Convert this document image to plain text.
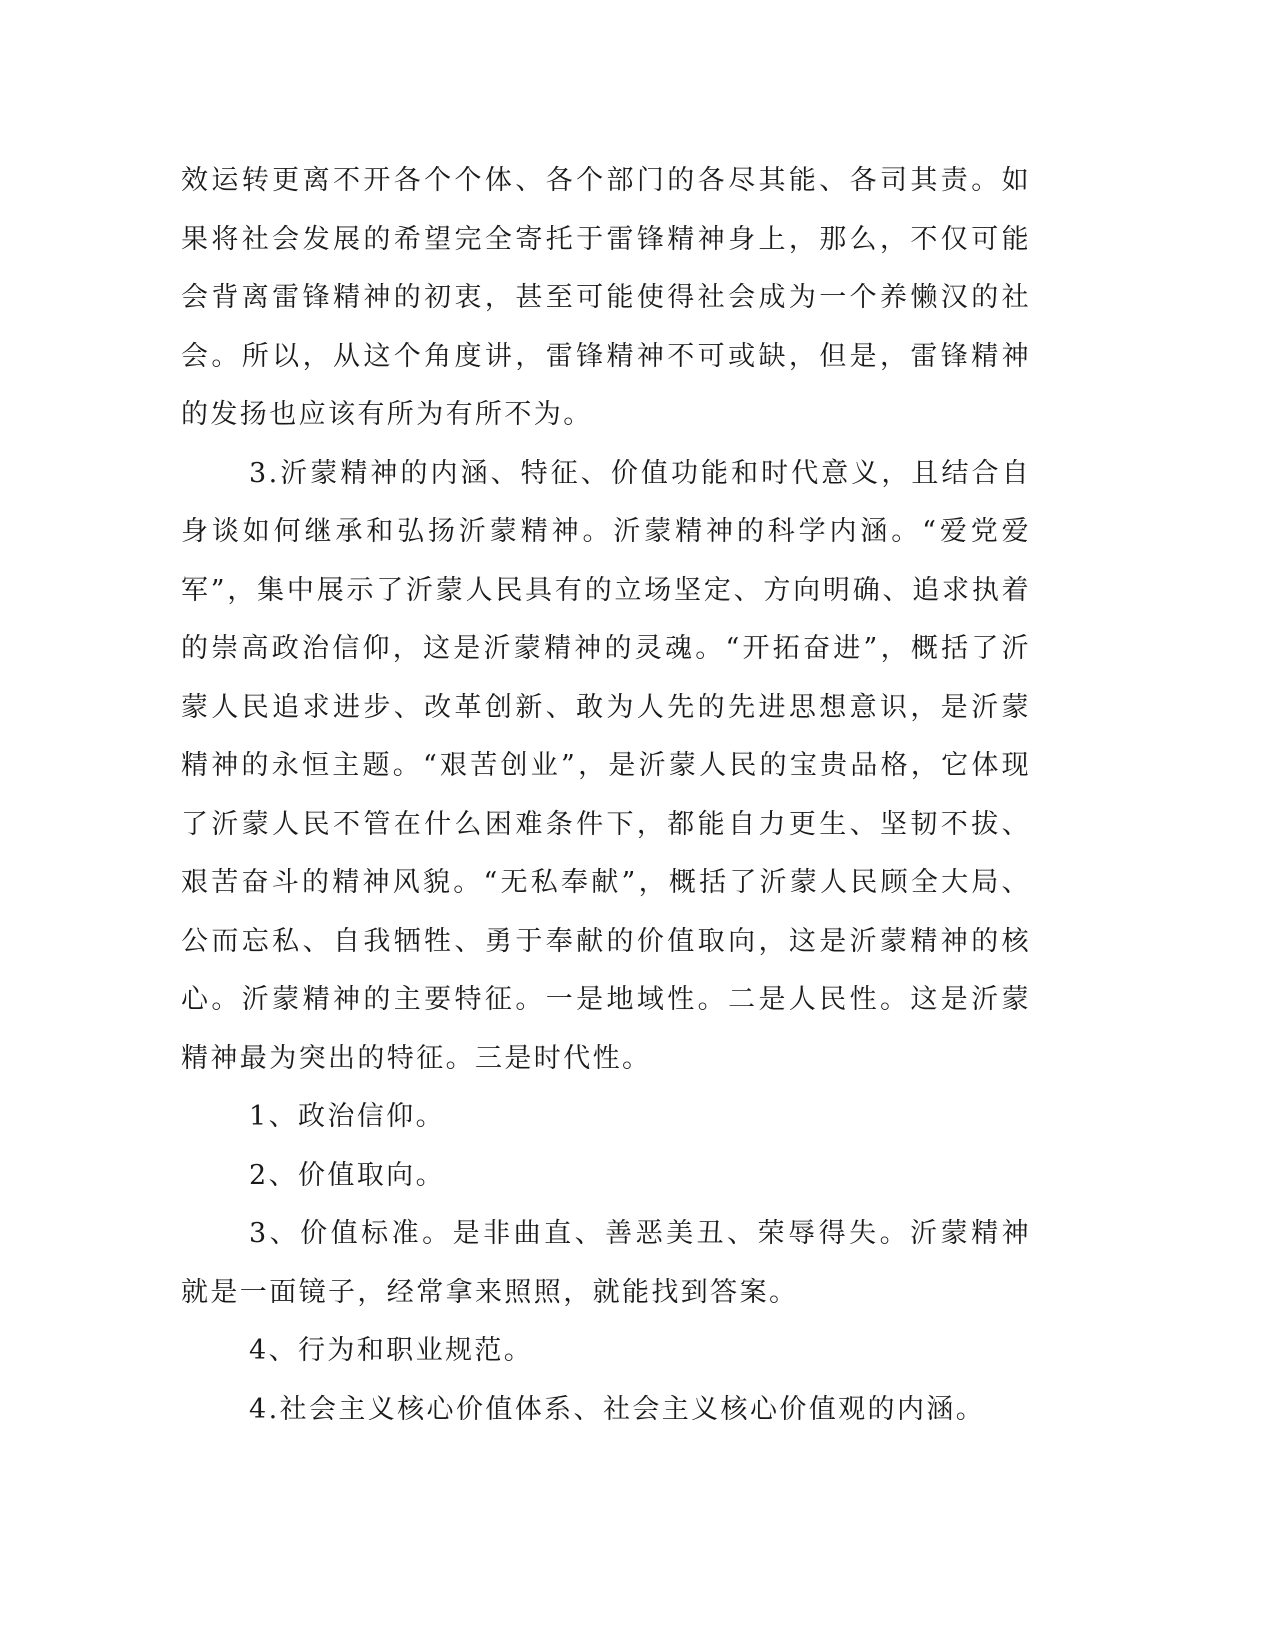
效运转更离不开各个个体、各个部门的各尽其能、各司其责。如果将社会发展的希望完全寄托于雷锋精神身上，那么，不仅可能会背离雷锋精神的初衷，甚至可能使得社会成为一个养懒汉的社会。所以，从这个角度讲，雷锋精神不可或缺，但是，雷锋精神的发扬也应该有所为有所不为。

3.沂蒙精神的内涵、特征、价值功能和时代意义，且结合自身谈如何继承和弘扬沂蒙精神。沂蒙精神的科学内涵。“爱党爱军”，集中展示了沂蒙人民具有的立场坚定、方向明确、追求执着的崇高政治信仰，这是沂蒙精神的灵魂。“开拓奋进”，概括了沂蒙人民追求进步、改革创新、敢为人先的先进思想意识，是沂蒙精神的永恒主题。“艰苦创业”，是沂蒙人民的宝贵品格，它体现了沂蒙人民不管在什么困难条件下，都能自力更生、坚韧不拔、艰苦奋斗的精神风貌。“无私奉献”，概括了沂蒙人民顾全大局、公而忘私、自我牺牲、勇于奉献的价值取向，这是沂蒙精神的核心。沂蒙精神的主要特征。一是地域性。二是人民性。这是沂蒙精神最为突出的特征。三是时代性。

1、政治信仰。

2、价值取向。

3、价值标准。是非曲直、善恶美丑、荣辱得失。沂蒙精神就是一面镜子，经常拿来照照，就能找到答案。

4、行为和职业规范。

4.社会主义核心价值体系、社会主义核心价值观的内涵。
